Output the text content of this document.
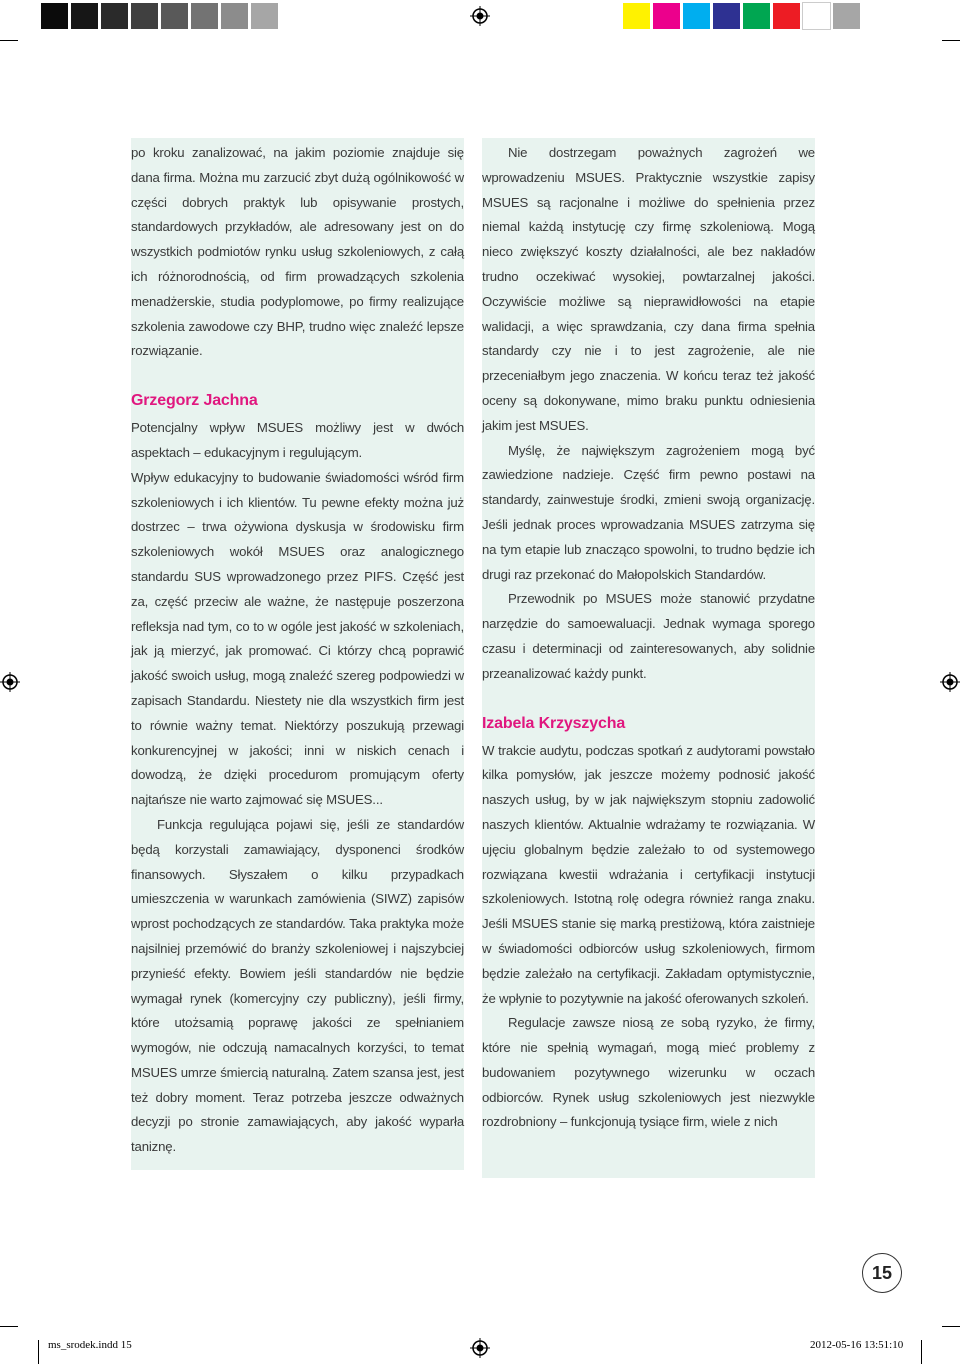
po kroku zanalizować, na jakim poziomie znajduje się dana firma. Można mu zarzucić zbyt dużą ogólnikowość w części dobrych praktyk lub opisywanie prostych, standardowych przykładów, ale adresowany jest on do wszystkich podmiotów rynku usług szkoleniowych, z całą ich różnorodnością, od firm prowadzących szkolenia menadżerskie, studia podyplomowe, po firmy realizujące szkolenia zawodowe czy BHP, trudno więc znaleźć lepsze rozwiązanie.

Grzegorz Jachna

Potencjalny wpływ MSUES możliwy jest w dwóch aspektach – edukacyjnym i regulującym.

Wpływ edukacyjny to budowanie świadomości wśród firm szkoleniowych i ich klientów. Tu pewne efekty można już dostrzec – trwa ożywiona dyskusja w środowisku firm szkoleniowych wokół MSUES oraz analogicznego standardu SUS wprowadzonego przez PIFS. Część jest za, część przeciw ale ważne, że następuje poszerzona refleksja nad tym, co to w ogóle jest jakość w szkoleniach, jak ją mierzyć, jak promować. Ci którzy chcą poprawić jakość swoich usług, mogą znaleźć szereg podpowiedzi w zapisach Standardu. Niestety nie dla wszystkich firm jest to równie ważny temat. Niektórzy poszukują przewagi konkurencyjnej w jakości; inni w niskich cenach i dowodzą, że dzięki procedurom promującym oferty najtańsze nie warto zajmować się MSUES...

Funkcja regulująca pojawi się, jeśli ze standardów będą korzystali zamawiający, dysponenci środków finansowych. Słyszałem o kilku przypadkach umieszczenia w warunkach zamówienia (SIWZ) zapisów wprost pochodzących ze standardów. Taka praktyka może najsilniej przemówić do branży szkoleniowej i najszybciej przynieść efekty. Bowiem jeśli standardów nie będzie wymagał rynek (komercyjny czy publiczny), jeśli firmy, które utożsamią poprawę jakości ze spełnianiem wymogów, nie odczują namacalnych korzyści, to temat MSUES umrze śmiercią naturalną. Zatem szansa jest, jest też dobry moment. Teraz potrzeba jeszcze odważnych decyzji po stronie zamawiających, aby jakość wyparła taniznę.

Nie dostrzegam poważnych zagrożeń we wprowadzeniu MSUES. Praktycznie wszystkie zapisy MSUES są racjonalne i możliwe do spełnienia przez niemal każdą instytucję czy firmę szkoleniową. Mogą nieco zwiększyć koszty działalności, ale bez nakładów trudno oczekiwać wysokiej, powtarzalnej jakości. Oczywiście możliwe są nieprawidłowości na etapie walidacji, a więc sprawdzania, czy dana firma spełnia standardy czy nie i to jest zagrożenie, ale nie przeceniałbym jego znaczenia. W końcu teraz też jakość oceny są dokonywane, mimo braku punktu odniesienia jakim jest MSUES.

Myślę, że największym zagrożeniem mogą być zawiedzione nadzieje. Część firm pewno postawi na standardy, zainwestuje środki, zmieni swoją organizację. Jeśli jednak proces wprowadzania MSUES zatrzyma się na tym etapie lub znacząco spowolni, to trudno będzie ich drugi raz przekonać do Małopolskich Standardów.

Przewodnik po MSUES może stanowić przydatne narzędzie do samoewaluacji. Jednak wymaga sporego czasu i determinacji od zainteresowanych, aby solidnie przeanalizować każdy punkt.

Izabela Krzyszycha

W trakcie audytu, podczas spotkań z audytorami powstało kilka pomysłów, jak jeszcze możemy podnosić jakość naszych usług, by w jak największym stopniu zadowolić naszych klientów. Aktualnie wdrażamy te rozwiązania. W ujęciu globalnym będzie zależało to od systemowego rozwiązana kwestii wdrażania i certyfikacji instytucji szkoleniowych. Istotną rolę odegra również ranga znaku. Jeśli MSUES stanie się marką prestiżową, która zaistnieje w świadomości odbiorców usług szkoleniowych, firmom będzie zależało na certyfikacji. Zakładam optymistycznie, że wpłynie to pozytywnie na jakość oferowanych szkoleń.

Regulacje zawsze niosą ze sobą ryzyko, że firmy, które nie spełnią wymagań, mogą mieć problemy z budowaniem pozytywnego wizerunku w oczach odbiorców. Rynek usług szkoleniowych jest niezwykle rozdrobniony – funkcjonują tysiące firm, wiele z nich

15
ms_srodek.indd 15	2012-05-16 13:51:10
